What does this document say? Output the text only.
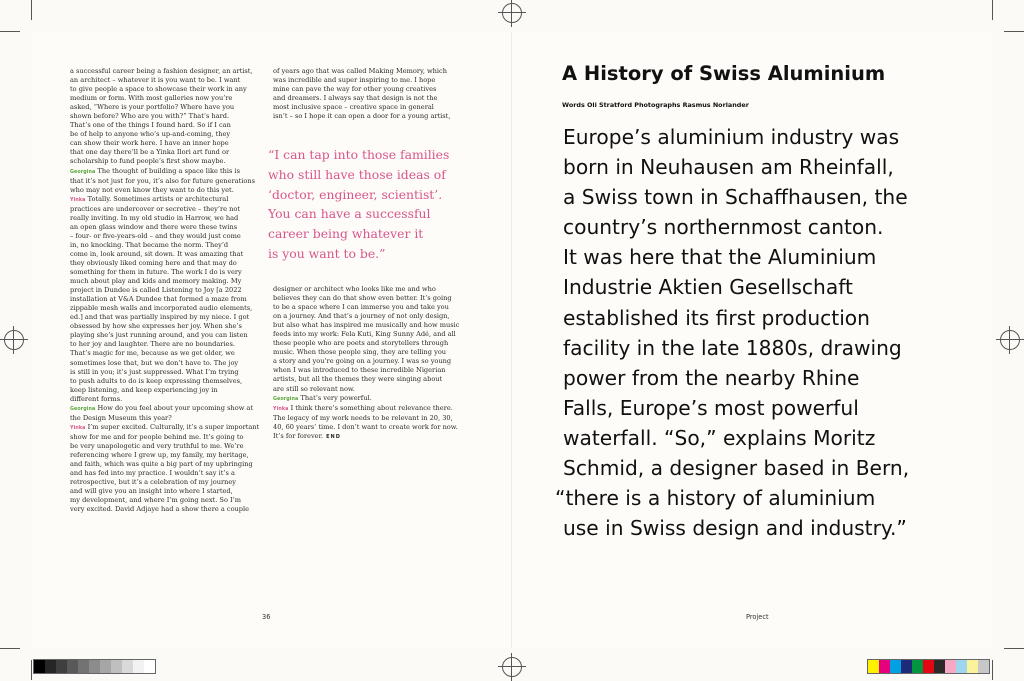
a successful career being a fashion designer, an artist,

an architect – whatever it is you want to be. I want

to give people a space to showcase their work in any

medium or form. With most galleries now you’re

asked, “Where is your portfolio? Where have you

shown before? Who are you with?” That’s hard.

That’s one of the things I found hard. So if I can

be of help to anyone who’s up-and-coming, they

can show their work here. I have an inner hope

that one day there’ll be a Yinka Ilori art fund or

scholarship to fund people’s first show maybe.

Georgina The thought of building a space like this is

that it’s not just for you, it’s also for future generations

who may not even know they want to do this yet.

Yinka Totally. Sometimes artists or architectural

practices are undercover or secretive – they’re not

really inviting. In my old studio in Harrow, we had

an open glass window and there were these twins

– four- or five-years-old – and they would just come

in, no knocking. That became the norm. They’d

come in, look around, sit down. It was amazing that

they obviously liked coming here and that may do

something for them in future. The work I do is very

much about play and kids and memory making. My

project in Dundee is called Listening to Joy [a 2022

installation at V&A Dundee that formed a maze from

zippable mesh walls and incorporated audio elements,

ed.] and that was partially inspired by my niece. I got

obsessed by how she expresses her joy. When she’s

playing she’s just running around, and you can listen

to her joy and laughter. There are no boundaries.

That’s magic for me, because as we get older, we

sometimes lose that, but we don’t have to. The joy

is still in you; it’s just suppressed. What I’m trying

to push adults to do is keep expressing themselves,

keep listening, and keep experiencing joy in

different forms.

Georgina How do you feel about your upcoming show at

the Design Museum this year?

Yinka I’m super excited. Culturally, it’s a super important

show for me and for people behind me. It’s going to

be very unapologetic and very truthful to me. We’re

referencing where I grew up, my family, my heritage,

and faith, which was quite a big part of my upbringing

and has fed into my practice. I wouldn’t say it’s a

retrospective, but it’s a celebration of my journey

and will give you an insight into where I started,

my development, and where I’m going next. So I’m

very excited. David Adjaye had a show there a couple

of years ago that was called Making Memory, which

was incredible and super inspiring to me. I hope

mine can pave the way for other young creatives

and dreamers. I always say that design is not the

most inclusive space – creative space in general

isn’t – so I hope it can open a door for a young artist,

“I can tap into those families

who still have those ideas of

‘doctor, engineer, scientist’.

You can have a successful

career being whatever it

is you want to be.”

designer or architect who looks like me and who

believes they can do that show even better. It’s going

to be a space where I can immerse you and take you

on a journey. And that’s a journey of not only design,

but also what has inspired me musically and how music

feeds into my work: Fela Kuti, King Sunny Adé, and all

these people who are poets and storytellers through

music. When those people sing, they are telling you

a story and you’re going on a journey. I was so young

when I was introduced to these incredible Nigerian

artists, but all the themes they were singing about

are still so relevant now.

Georgina That’s very powerful.

Yinka I think there’s something about relevance there.

The legacy of my work needs to be relevant in 20, 30,

40, 60 years’ time. I don’t want to create work for now.

It’s for forever. END

A History of Swiss Aluminium
Words Oli Stratford Photographs Rasmus Norlander

Europe’s aluminium industry was

born in Neuhausen am Rheinfall,

a Swiss town in Schaffhausen, the

country’s northernmost canton.

It was here that the Aluminium

Industrie Aktien Gesellschaft

established its first production

facility in the late 1880s, drawing

power from the nearby Rhine

Falls, Europe’s most powerful

waterfall. “So,” explains Moritz

Schmid, a designer based in Bern,

“there is a history of aluminium

use in Swiss design and industry.”

36	Project
